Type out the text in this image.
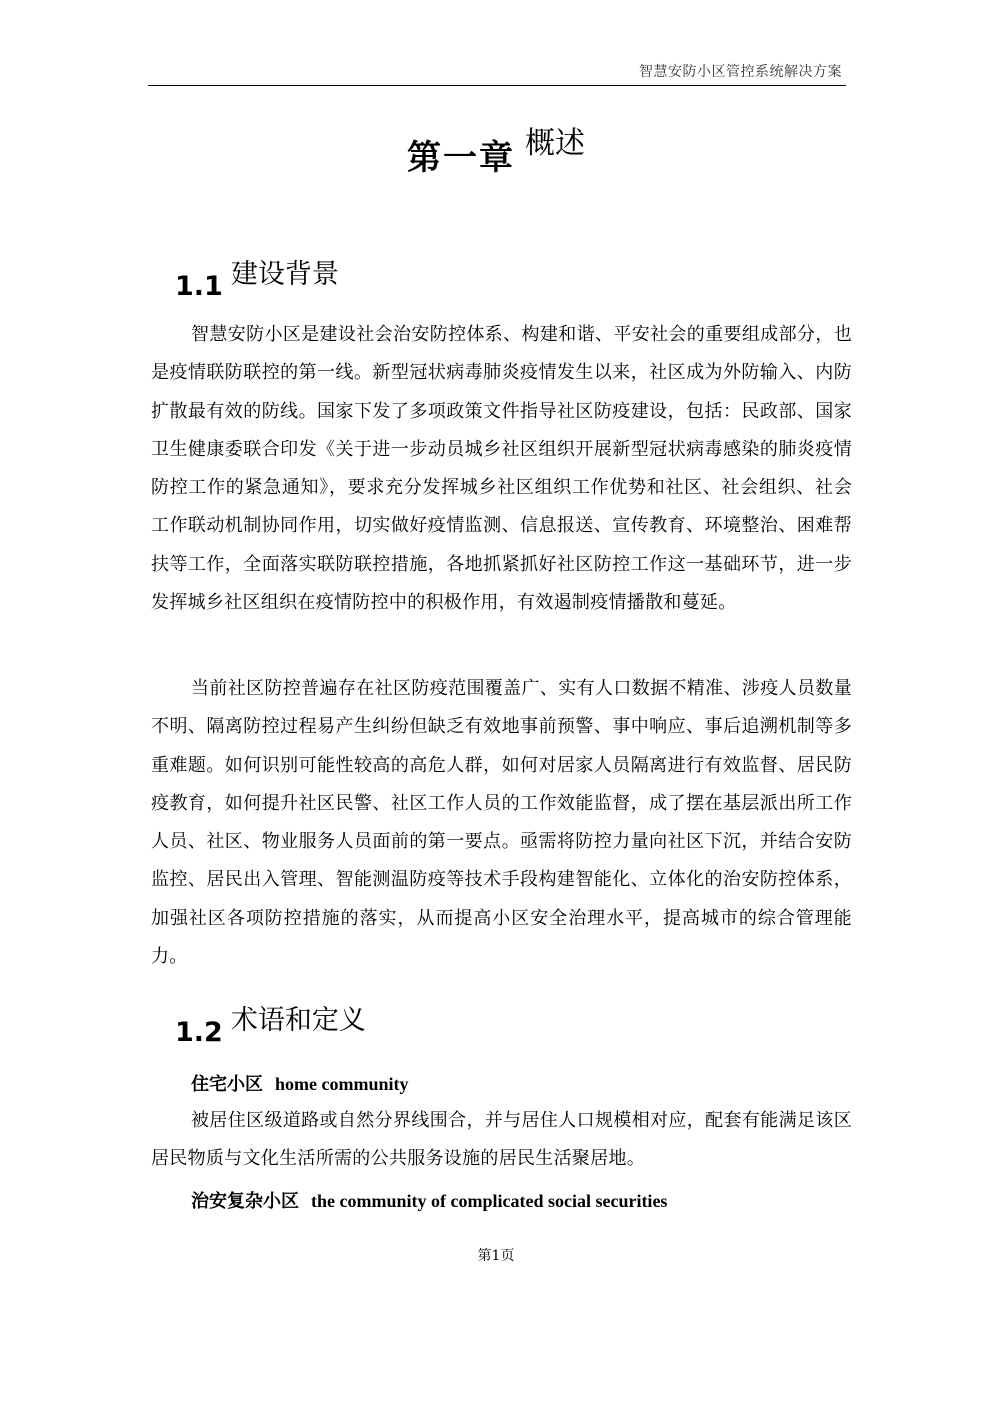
智慧安防小区管控系统解决方案
第一章 概述
1.1 建设背景
智慧安防小区是建设社会治安防控体系、构建和谐、平安社会的重要组成部分，也是疫情联防联控的第一线。新型冠状病毒肺炎疫情发生以来，社区成为外防输入、内防扩散最有效的防线。国家下发了多项政策文件指导社区防疫建设，包括：民政部、国家卫生健康委联合印发《关于进一步动员城乡社区组织开展新型冠状病毒感染的肺炎疫情防控工作的紧急通知》，要求充分发挥城乡社区组织工作优势和社区、社会组织、社会工作联动机制协同作用，切实做好疫情监测、信息报送、宣传教育、环境整治、困难帮扶等工作，全面落实联防联控措施，各地抓紧抓好社区防控工作这一基础环节，进一步发挥城乡社区组织在疫情防控中的积极作用，有效遏制疫情播散和蔓延。
当前社区防控普遍存在社区防疫范围覆盖广、实有人口数据不精准、涉疫人员数量不明、隔离防控过程易产生纠纷但缺乏有效地事前预警、事中响应、事后追溯机制等多重难题。如何识别可能性较高的高危人群，如何对居家人员隔离进行有效监督、居民防疫教育，如何提升社区民警、社区工作人员的工作效能监督，成了摆在基层派出所工作人员、社区、物业服务人员面前的第一要点。亟需将防控力量向社区下沉，并结合安防监控、居民出入管理、智能测温防疫等技术手段构建智能化、立体化的治安防控体系，加强社区各项防控措施的落实，从而提高小区安全治理水平，提高城市的综合管理能力。
1.2 术语和定义
住宅小区 home community
被居住区级道路或自然分界线围合，并与居住人口规模相对应，配套有能满足该区居民物质与文化生活所需的公共服务设施的居民生活聚居地。
治安复杂小区 the community of complicated social securities
第1页
